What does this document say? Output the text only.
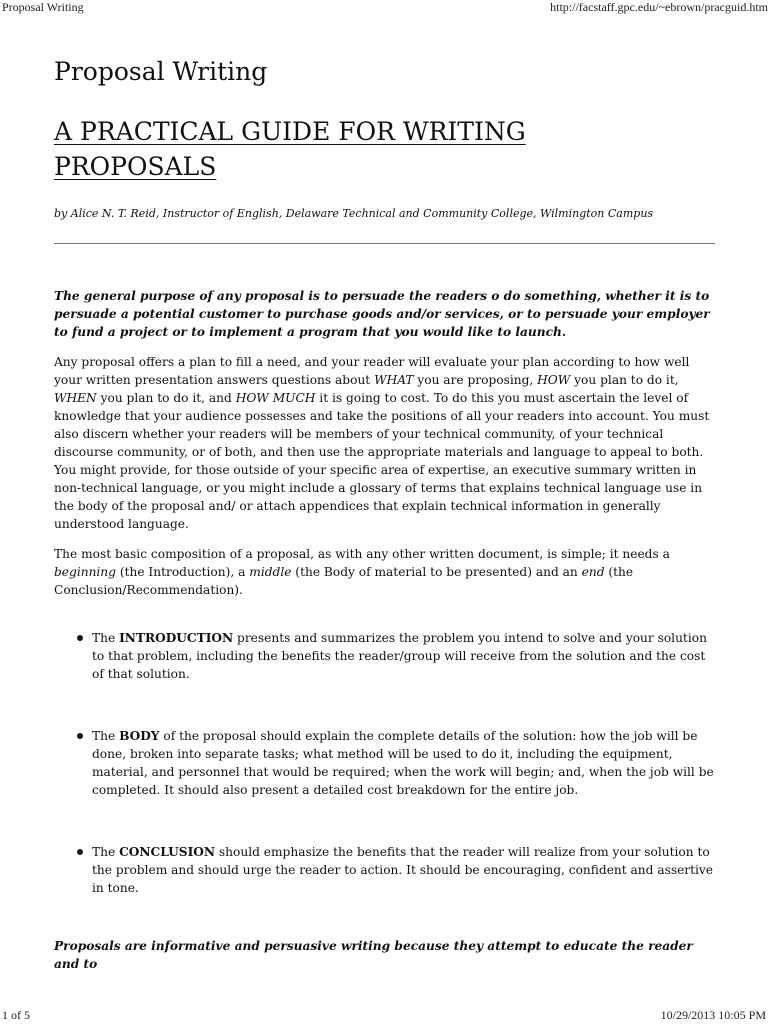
Proposal Writing	http://facstaff.gpc.edu/~ebrown/pracguid.htm
Proposal Writing
A PRACTICAL GUIDE FOR WRITING PROPOSALS

by Alice N. T. Reid, Instructor of English, Delaware Technical and Community College, Wilmington Campus

The general purpose of any proposal is to persuade the readers o do something, whether it is to persuade a potential customer to purchase goods and/or services, or to persuade your employer to fund a project or to implement a program that you would like to launch.

Any proposal offers a plan to fill a need, and your reader will evaluate your plan according to how well your written presentation answers questions about WHAT you are proposing, HOW you plan to do it, WHEN you plan to do it, and HOW MUCH it is going to cost. To do this you must ascertain the level of knowledge that your audience possesses and take the positions of all your readers into account. You must also discern whether your readers will be members of your technical community, of your technical discourse community, or of both, and then use the appropriate materials and language to appeal to both. You might provide, for those outside of your specific area of expertise, an executive summary written in non-technical language, or you might include a glossary of terms that explains technical language use in the body of the proposal and/ or attach appendices that explain technical information in generally understood language.

The most basic composition of a proposal, as with any other written document, is simple; it needs a beginning (the Introduction), a middle (the Body of material to be presented) and an end (the Conclusion/Recommendation).

The INTRODUCTION presents and summarizes the problem you intend to solve and your solution to that problem, including the benefits the reader/group will receive from the solution and the cost of that solution.
The BODY of the proposal should explain the complete details of the solution: how the job will be done, broken into separate tasks; what method will be used to do it, including the equipment, material, and personnel that would be required; when the work will begin; and, when the job will be completed. It should also present a detailed cost breakdown for the entire job.
The CONCLUSION should emphasize the benefits that the reader will realize from your solution to the problem and should urge the reader to action. It should be encouraging, confident and assertive in tone.

Proposals are informative and persuasive writing because they attempt to educate the reader and to

1 of 5	10/29/2013 10:05 PM
